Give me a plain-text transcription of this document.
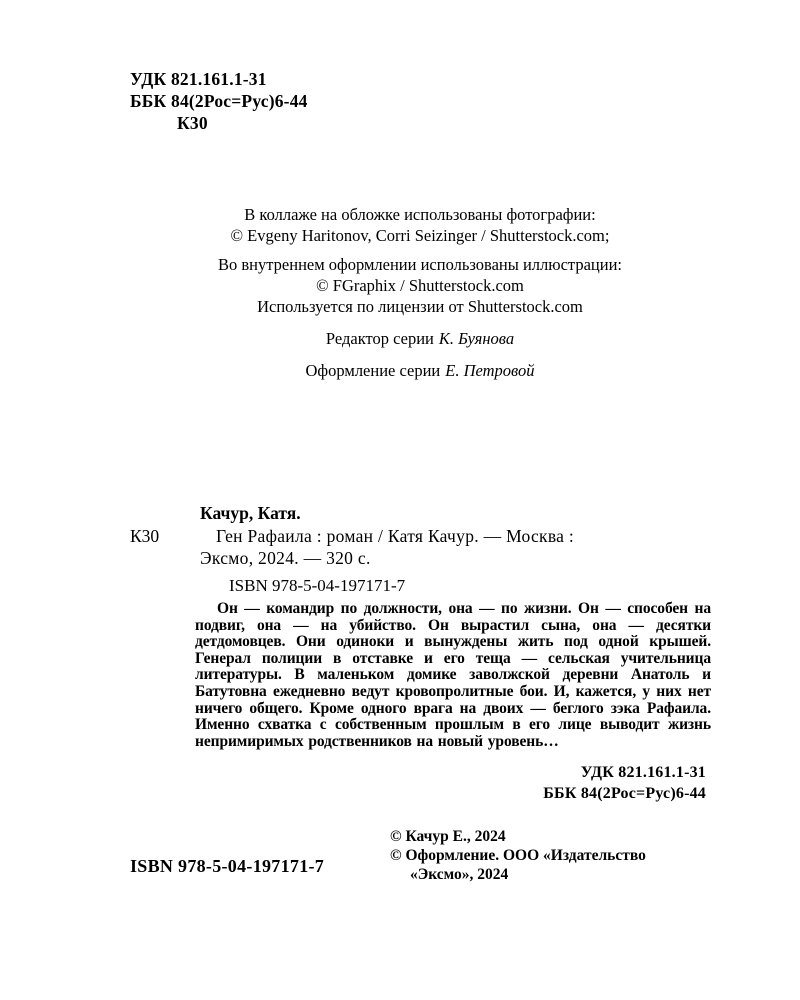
УДК 821.161.1-31
ББК 84(2Рос=Рус)6-44
К30
В коллаже на обложке использованы фотографии:
© Evgeny Haritonov, Corri Seizinger / Shutterstock.com;
Во внутреннем оформлении использованы иллюстрации:
© FGraphix / Shutterstock.com
Используется по лицензии от Shutterstock.com
Редактор серии К. Буянова
Оформление серии Е. Петровой
Качур, Катя.
К30	Ген Рафаила : роман / Катя Качур. — Москва :
Эксмо, 2024. — 320 с.
ISBN 978-5-04-197171-7
Он — командир по должности, она — по жизни. Он — способен на подвиг, она — на убийство. Он вырастил сына, она — десятки детдомовцев. Они одиноки и вынуждены жить под одной крышей. Генерал полиции в отставке и его теща — сельская учительница литературы. В маленьком домике заволжской деревни Анатоль и Батутовна ежедневно ведут кровопролитные бои. И, кажется, у них нет ничего общего. Кроме одного врага на двоих — беглого зэка Рафаила. Именно схватка с собственным прошлым в его лице выводит жизнь непримиримых родственников на новый уровень…
УДК 821.161.1-31
ББК 84(2Рос=Рус)6-44
© Качур Е., 2024
© Оформление. ООО «Издательство
«Эксмо», 2024
ISBN 978-5-04-197171-7
